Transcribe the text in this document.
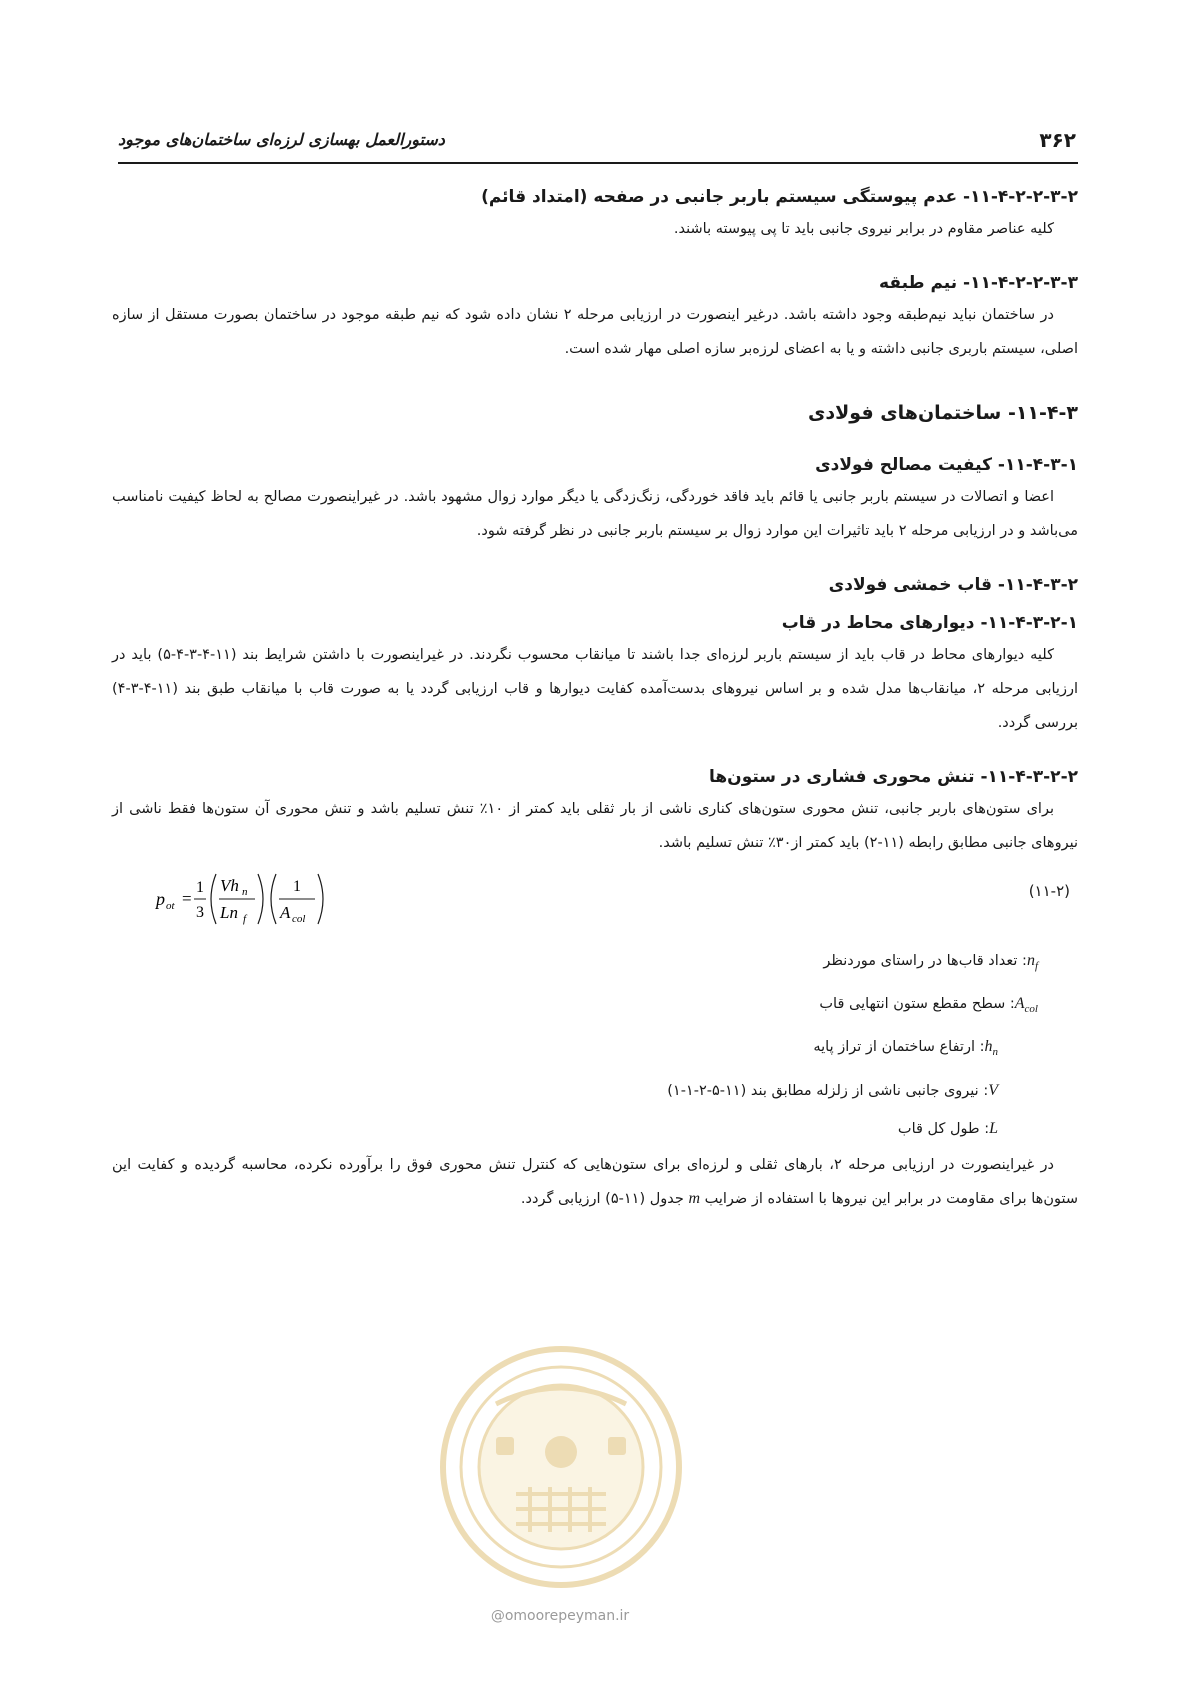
۳۶۲
دستورالعمل بهسازی لرزه‌ای ساختمان‌های موجود

۱۱-۴-۲-۲-۳-۲- عدم پیوستگی سیستم باربر جانبی در صفحه (امتداد قائم)

کلیه عناصر مقاوم در برابر نیروی جانبی باید تا پی پیوسته باشند.

۱۱-۴-۲-۲-۳-۳- نیم طبقه

در ساختمان نباید نیم‌طبقه وجود داشته باشد. درغیر اینصورت در ارزیابی مرحله ۲ نشان داده شود که نیم طبقه موجود در ساختمان بصورت مستقل از سازه اصلی، سیستم باربری جانبی داشته و یا به اعضای لرزه‌بر سازه اصلی مهار شده است.

۱۱-۴-۳- ساختمان‌های فولادی

۱۱-۴-۳-۱- کیفیت مصالح فولادی

اعضا و اتصالات در سیستم باربر جانبی یا قائم باید فاقد خوردگی، زنگ‌زدگی یا دیگر موارد زوال مشهود باشد. در غیراینصورت مصالح به لحاظ کیفیت نامناسب می‌باشد و در ارزیابی مرحله ۲ باید تاثیرات این موارد زوال بر سیستم باربر جانبی در نظر گرفته شود.

۱۱-۴-۳-۲- قاب خمشی فولادی

۱۱-۴-۳-۲-۱- دیوارهای محاط در قاب

کلیه دیوارهای محاط در قاب باید از سیستم باربر لرزه‌ای جدا باشند تا میانقاب محسوب نگردند. در غیراینصورت با داشتن شرایط بند (۱۱-۴-۳-۴-۵) باید در ارزیابی مرحله ۲، میانقاب‌ها مدل شده و بر اساس نیروهای بدست‌آمده کفایت دیوارها و قاب ارزیابی گردد یا به صورت قاب با میانقاب طبق بند (۱۱-۴-۳-۴) بررسی گردد.

۱۱-۴-۳-۲-۲- تنش محوری فشاری در ستون‌ها

برای ستون‌های باربر جانبی، تنش محوری ستون‌های کناری ناشی از بار ثقلی باید کمتر از ۱۰٪ تنش تسلیم باشد و تنش محوری آن ستون‌ها فقط ناشی از نیروهای جانبی مطابق رابطه (۱۱-۲) باید کمتر از۳۰٪ تنش تسلیم باشد.

(۱۱-۲)
p ot =
1
3
Vh n
Ln f
1
A col

$n_f$: تعداد قاب‌ها در راستای موردنظر

$A_{col}$: سطح مقطع ستون انتهایی قاب

$h_n$: ارتفاع ساختمان از تراز پایه

V: نیروی جانبی ناشی از زلزله مطابق بند (۱۱-۵-۲-۱-۱)

L: طول کل قاب

در غیراینصورت در ارزیابی مرحله ۲، بارهای ثقلی و لرزه‌ای برای ستون‌هایی که کنترل تنش محوری فوق را برآورده نکرده، محاسبه گردیده و کفایت این ستون‌ها برای مقاومت در برابر این نیروها با استفاده از ضرایب m جدول (۱۱-۵) ارزیابی گردد.

@omoorepeyman.ir
